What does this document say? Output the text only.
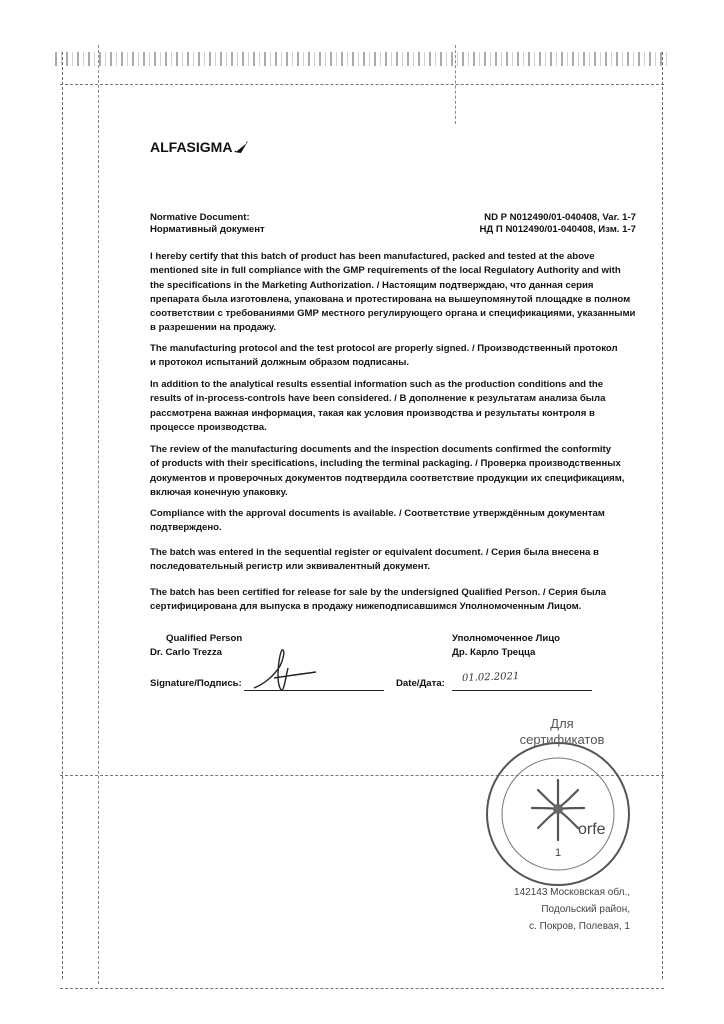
ALFASIGMA
Normative Document:	ND P N012490/01-040408, Var. 1-7
Нормативный документ	НД П N012490/01-040408, Изм. 1-7
I hereby certify that this batch of product has been manufactured, packed and tested at the above
mentioned site in full compliance with the GMP requirements of the local Regulatory Authority and with
the specifications in the Marketing Authorization. / Настоящим подтверждаю, что данная серия
препарата была изготовлена, упакована и протестирована на вышеупомянутой площадке в полном
соответствии с требованиями GMP местного регулирующего органа и спецификациями, указанными
в разрешении на продажу.
The manufacturing protocol and the test protocol are properly signed. / Производственный протокол
и протокол испытаний должным образом подписаны.
In addition to the analytical results essential information such as the production conditions and the
results of in-process-controls have been considered. / В дополнение к результатам анализа была
рассмотрена важная информация, такая как условия производства и результаты контроля в
процессе производства.
The review of the manufacturing documents and the inspection documents confirmed the conformity
of products with their specifications, including the terminal packaging. / Проверка производственных
документов и проверочных документов подтвердила соответствие продукции их спецификациям,
включая конечную упаковку.
Compliance with the approval documents is available. / Соответствие утверждённым документам
подтверждено.
The batch was entered in the sequential register or equivalent document. / Серия была внесена в
последовательный регистр или эквивалентный документ.
The batch has been certified for release for sale by the undersigned Qualified Person. / Серия была
сертифицирована для выпуска в продажу нижеподписавшимся Уполномоченным Лицом.
Qualified Person
Dr. Carlo Trezza
Уполномоченное Лицо
Др. Карло Трецца
Signature/Подпись:	Date/Дата: 01.02.2021
Для
сертификатов
orfe
1
142143 Московская обл.,
Подольский район,
с. Покров, Полевая, 1
